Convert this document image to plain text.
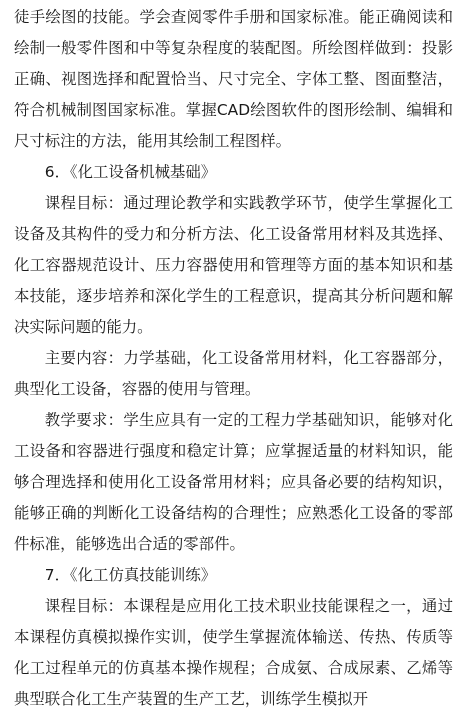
徒手绘图的技能。学会查阅零件手册和国家标准。能正确阅读和绘制一般零件图和中等复杂程度的装配图。所绘图样做到：投影正确、视图选择和配置恰当、尺寸完全、字体工整、图面整洁，符合机械制图国家标准。掌握CAD绘图软件的图形绘制、编辑和尺寸标注的方法，能用其绘制工程图样。

6．《化工设备机械基础》

课程目标：通过理论教学和实践教学环节，使学生掌握化工设备及其构件的受力和分析方法、化工设备常用材料及其选择、化工容器规范设计、压力容器使用和管理等方面的基本知识和基本技能，逐步培养和深化学生的工程意识，提高其分析问题和解决实际问题的能力。

主要内容：力学基础，化工设备常用材料，化工容器部分，典型化工设备，容器的使用与管理。

教学要求：学生应具有一定的工程力学基础知识，能够对化工设备和容器进行强度和稳定计算；应掌握适量的材料知识，能够合理选择和使用化工设备常用材料；应具备必要的结构知识，能够正确的判断化工设备结构的合理性；应熟悉化工设备的零部件标准，能够选出合适的零部件。

7．《化工仿真技能训练》

课程目标：本课程是应用化工技术职业技能课程之一，通过本课程仿真模拟操作实训，使学生掌握流体输送、传热、传质等化工过程单元的仿真基本操作规程；合成氨、合成尿素、乙烯等典型联合化工生产装置的生产工艺，训练学生模拟开
